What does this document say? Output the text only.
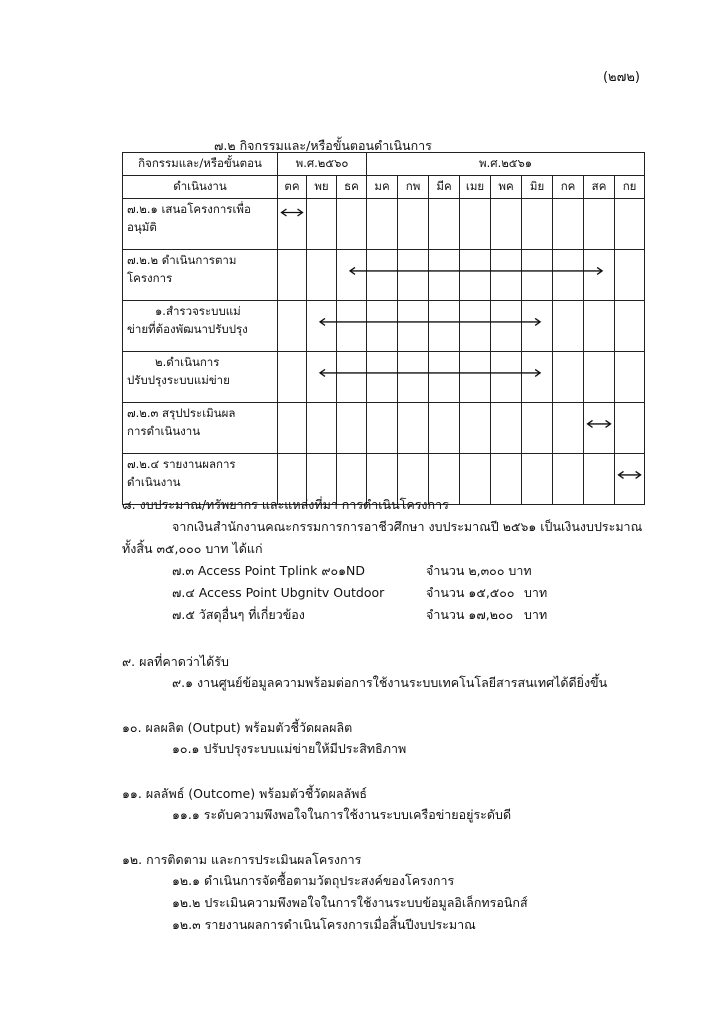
(๒๗๒)
๗.๒ กิจกรรมและ/หรือขั้นตอนดำเนินการ
กิจกรรมและ/หรือขั้นตอน	พ.ศ.๒๕๖๐			พ.ศ.๒๕๖๑								
ดำเนินงาน	ตค	พย	ธค	มค	กพ	มีค	เมย	พค	มิย	กค	สค	กย

๗.๒.๑ เสนอโครงการเพื่อ
อนุมัติ												

๗.๒.๒ ดำเนินการตาม
โครงการ												

๑.สำรวจระบบแม่
ข่ายที่ต้องพัฒนาปรับปรุง												

๒.ดำเนินการ
ปรับปรุงระบบแม่ข่าย												

๗.๒.๓ สรุปประเมินผล
การดำเนินงาน												

๗.๒.๔ รายงานผลการ
ดำเนินงาน												

๘. งบประมาณ/ทรัพยากร และแหล่งที่มา การดำเนินโครงการ
จากเงินสำนักงานคณะกรรมการการอาชีวศึกษา งบประมาณปี ๒๕๖๑ เป็นเงินงบประมาณ
ทั้งสิ้น ๓๕,๐๐๐ บาท ได้แก่
๗.๓ Access Point Tplink ๙๐๑ND	จำนวน ๒,๓๐๐ บาท
๗.๔ Access Point Ubgnitv Outdoor	จำนวน ๑๕,๕๐๐ บาท
๗.๕ วัสดุอื่นๆ ที่เกี่ยวข้อง	จำนวน ๑๗,๒๐๐ บาท
๙. ผลที่คาดว่าได้รับ
๙.๑ งานศูนย์ข้อมูลความพร้อมต่อการใช้งานระบบเทคโนโลยีสารสนเทศได้ดียิ่งขึ้น
๑๐. ผลผลิต (Output) พร้อมตัวชี้วัดผลผลิต
๑๐.๑ ปรับปรุงระบบแม่ข่ายให้มีประสิทธิภาพ
๑๑. ผลลัพธ์ (Outcome) พร้อมตัวชี้วัดผลลัพธ์
๑๑.๑ ระดับความพึงพอใจในการใช้งานระบบเครือข่ายอยู่ระดับดี
๑๒. การติดตาม และการประเมินผลโครงการ
๑๒.๑ ดำเนินการจัดซื้อตามวัตถุประสงค์ของโครงการ
๑๒.๒ ประเมินความพึงพอใจในการใช้งานระบบข้อมูลอิเล็กทรอนิกส์
๑๒.๓ รายงานผลการดำเนินโครงการเมื่อสิ้นปีงบประมาณ
